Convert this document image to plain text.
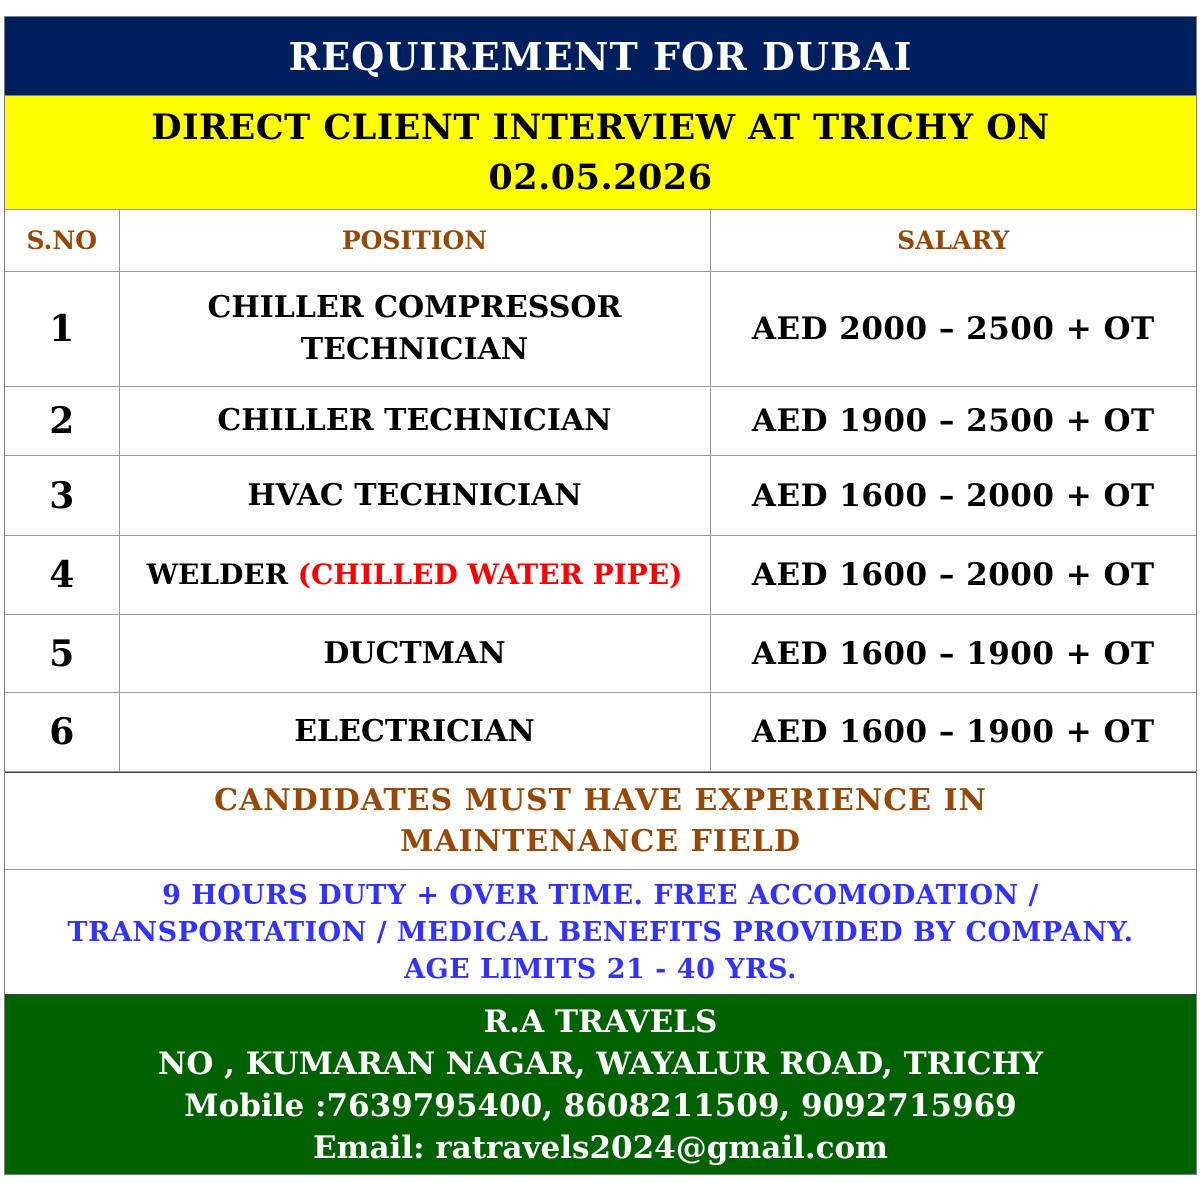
REQUIREMENT FOR DUBAI
DIRECT CLIENT INTERVIEW AT TRICHY ON 02.05.2026
S.NO	POSITION	SALARY
1	CHILLER COMPRESSOR TECHNICIAN	AED 2000 – 2500 + OT
2	CHILLER TECHNICIAN	AED 1900 – 2500 + OT
3	HVAC TECHNICIAN	AED 1600 – 2000 + OT
4	WELDER (CHILLED WATER PIPE)	AED 1600 – 2000 + OT
5	DUCTMAN	AED 1600 – 1900 + OT
6	ELECTRICIAN	AED 1600 – 1900 + OT
CANDIDATES MUST HAVE EXPERIENCE IN MAINTENANCE FIELD
9 HOURS DUTY + OVER TIME. FREE ACCOMODATION / TRANSPORTATION / MEDICAL BENEFITS PROVIDED BY COMPANY. AGE LIMITS 21 - 40 YRS.
R.A TRAVELS
NO , KUMARAN NAGAR, WAYALUR ROAD, TRICHY
Mobile :7639795400, 8608211509, 9092715969
Email: ratravels2024@gmail.com
